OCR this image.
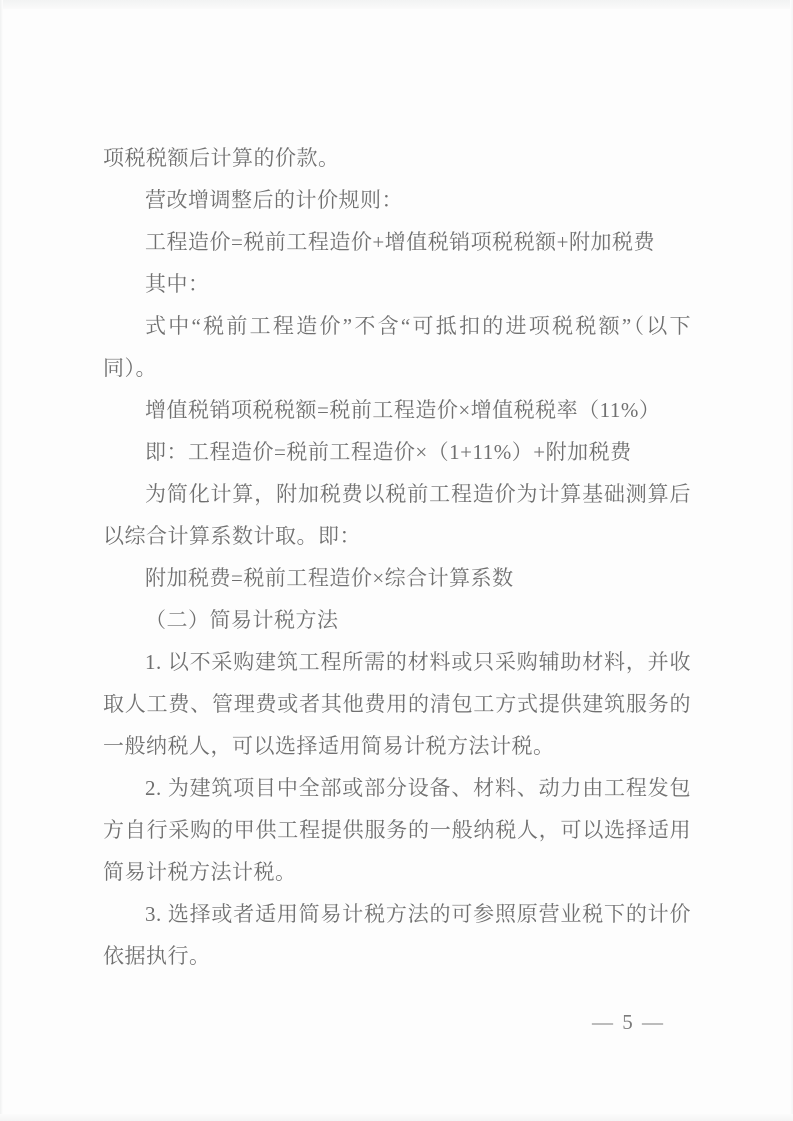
项税税额后计算的价款。

营改增调整后的计价规则：

工程造价=税前工程造价+增值税销项税税额+附加税费

其中：

式中“税前工程造价”不含“可抵扣的进项税税额”（以下同）。

增值税销项税税额=税前工程造价×增值税税率（11%）

即：工程造价=税前工程造价×（1+11%）+附加税费

为简化计算，附加税费以税前工程造价为计算基础测算后以综合计算系数计取。即：

附加税费=税前工程造价×综合计算系数

（二）简易计税方法

1. 以不采购建筑工程所需的材料或只采购辅助材料，并收取人工费、管理费或者其他费用的清包工方式提供建筑服务的一般纳税人，可以选择适用简易计税方法计税。

2. 为建筑项目中全部或部分设备、材料、动力由工程发包方自行采购的甲供工程提供服务的一般纳税人，可以选择适用简易计税方法计税。

3. 选择或者适用简易计税方法的可参照原营业税下的计价依据执行。

— 5 —
